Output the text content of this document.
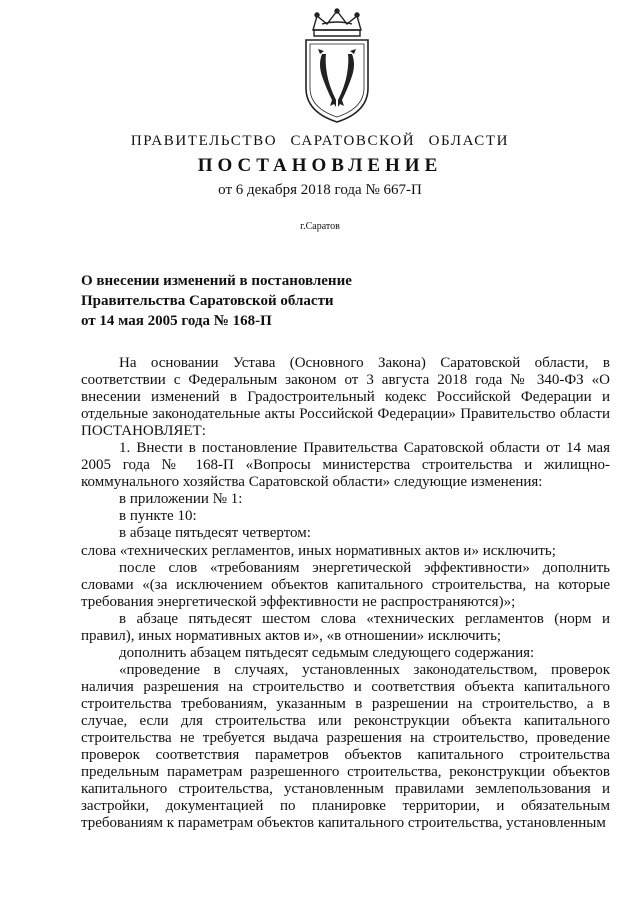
ПРАВИТЕЛЬСТВО САРАТОВСКОЙ ОБЛАСТИ
ПОСТАНОВЛЕНИЕ
от 6 декабря 2018 года № 667-П
г.Саратов
О внесении изменений в постановление
Правительства Саратовской области
от 14 мая 2005 года № 168-П

На основании Устава (Основного Закона) Саратовской области, в соответствии с Федеральным законом от 3 августа 2018 года № 340-ФЗ «О внесении изменений в Градостроительный кодекс Российской Федерации и отдельные законодательные акты Российской Федерации» Правительство области ПОСТАНОВЛЯЕТ:

1. Внести в постановление Правительства Саратовской области от 14 мая 2005 года № 168-П «Вопросы министерства строительства и жилищно-коммунального хозяйства Саратовской области» следующие изменения:

в приложении № 1:

в пункте 10:

в абзаце пятьдесят четвертом:

слова «технических регламентов, иных нормативных актов и» исключить;

после слов «требованиям энергетической эффективности» дополнить словами «(за исключением объектов капитального строительства, на которые требования энергетической эффективности не распространяются)»;

в абзаце пятьдесят шестом слова «технических регламентов (норм и правил), иных нормативных актов и», «в отношении» исключить;

дополнить абзацем пятьдесят седьмым следующего содержания:

«проведение в случаях, установленных законодательством, проверок наличия разрешения на строительство и соответствия объекта капитального строительства требованиям, указанным в разрешении на строительство, а в случае, если для строительства или реконструкции объекта капитального строительства не требуется выдача разрешения на строительство, проведение проверок соответствия параметров объектов капитального строительства предельным параметрам разрешенного строительства, реконструкции объектов капитального строительства, установленным правилами землепользования и застройки, документацией по планировке территории, и обязательным требованиям к параметрам объектов капитального строительства, установленным
